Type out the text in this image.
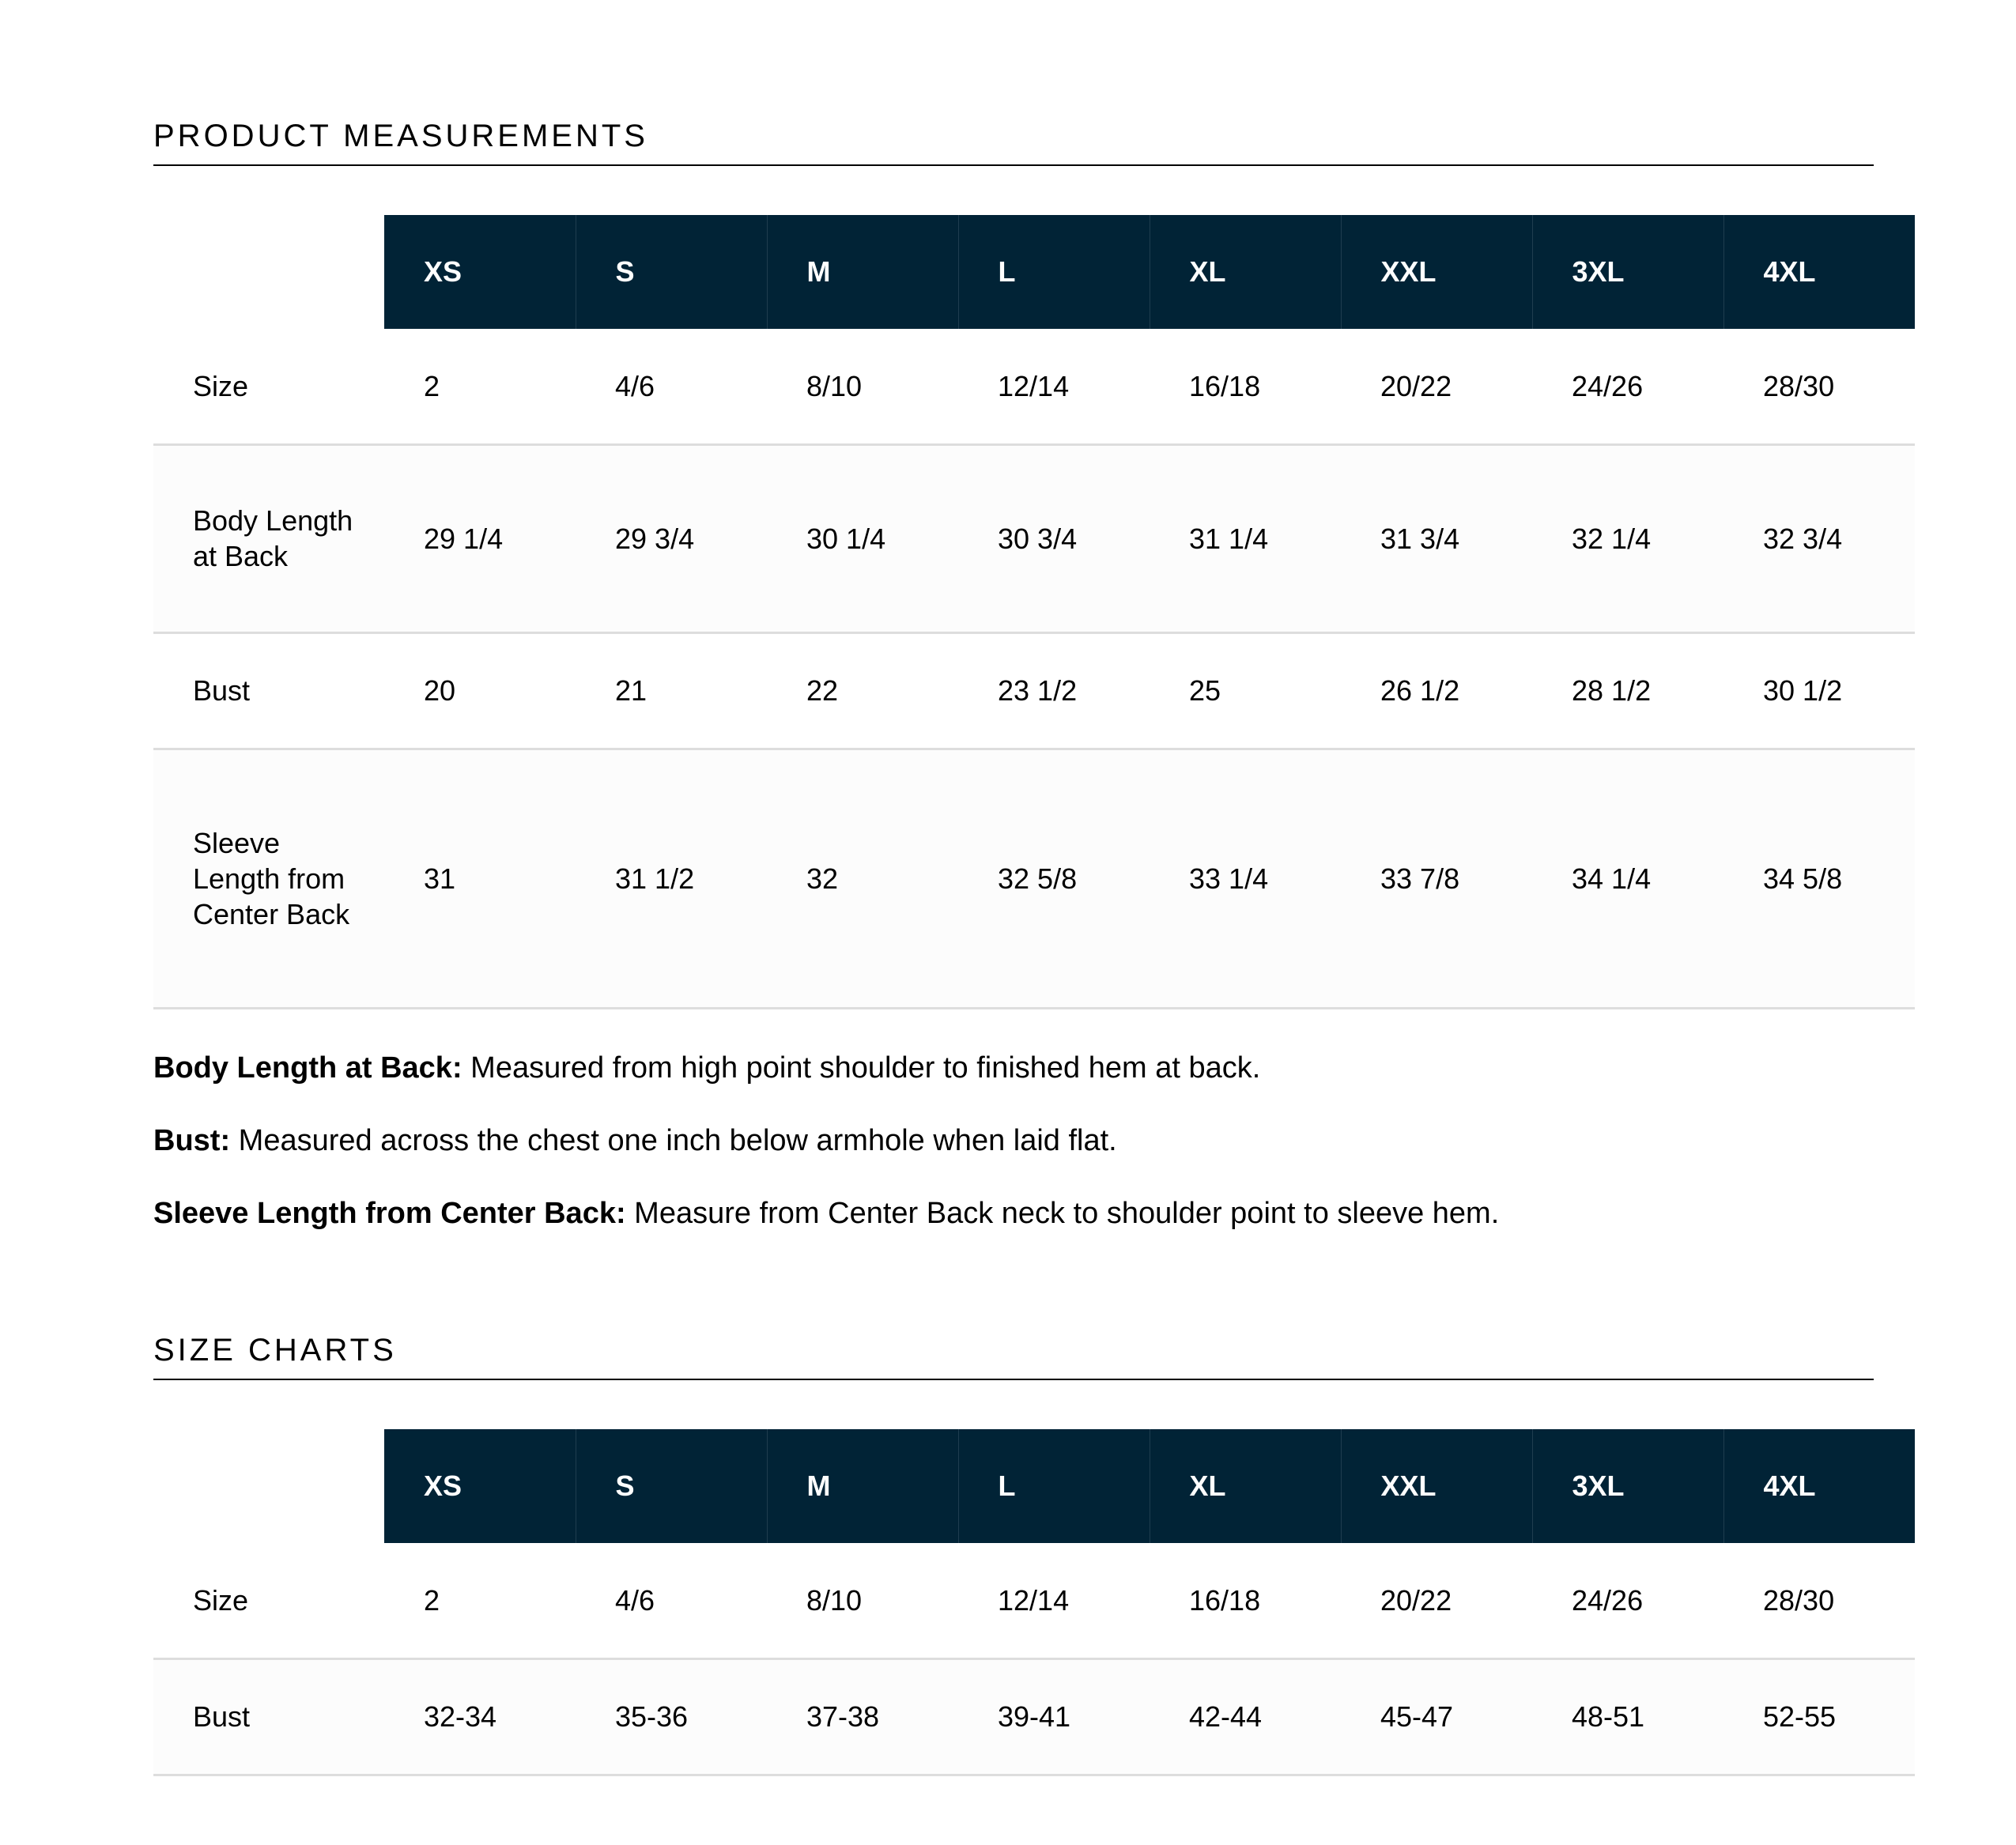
PRODUCT MEASUREMENTS
	XS	S	M	L	XL	XXL	3XL	4XL
Size	2	4/6	8/10	12/14	16/18	20/22	24/26	28/30
Body Length at Back	29 1/4	29 3/4	30 1/4	30 3/4	31 1/4	31 3/4	32 1/4	32 3/4
Bust	20	21	22	23 1/2	25	26 1/2	28 1/2	30 1/2
Sleeve Length from Center Back	31	31 1/2	32	32 5/8	33 1/4	33 7/8	34 1/4	34 5/8

Body Length at Back: Measured from high point shoulder to finished hem at back.

Bust: Measured across the chest one inch below armhole when laid flat.

Sleeve Length from Center Back: Measure from Center Back neck to shoulder point to sleeve hem.

SIZE CHARTS
	XS	S	M	L	XL	XXL	3XL	4XL
Size	2	4/6	8/10	12/14	16/18	20/22	24/26	28/30
Bust	32-34	35-36	37-38	39-41	42-44	45-47	48-51	52-55
